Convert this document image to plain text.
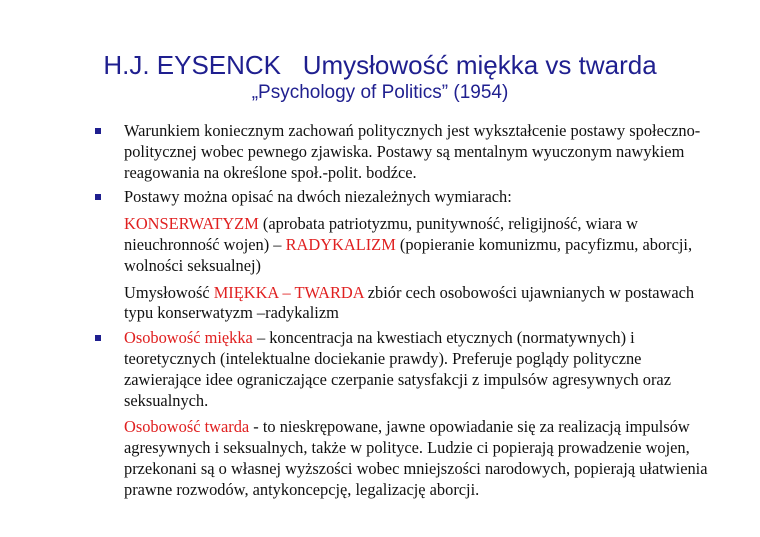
H.J. EYSENCK   Umysłowość miękka vs twarda
„Psychology of Politics” (1954)

Warunkiem koniecznym zachowań politycznych jest wykształcenie postawy społeczno-politycznej wobec pewnego zjawiska. Postawy są mentalnym wyuczonym nawykiem reagowania na określone społ.-polit. bodźce.

Postawy można opisać na dwóch niezależnych wymiarach:

KONSERWATYZM (aprobata patriotyzmu, punitywność, religijność, wiara w nieuchronność wojen) – RADYKALIZM (popieranie komunizmu, pacyfizmu, aborcji, wolności seksualnej)

Umysłowość MIĘKKA – TWARDA zbiór cech osobowości ujawnianych w postawach typu konserwatyzm –radykalizm

Osobowość miękka – koncentracja na kwestiach etycznych (normatywnych) i teoretycznych (intelektualne dociekanie prawdy). Preferuje poglądy polityczne zawierające idee ograniczające czerpanie satysfakcji z impulsów agresywnych oraz seksualnych.

Osobowość twarda - to nieskrępowane, jawne opowiadanie się za realizacją impulsów agresywnych i seksualnych, także w polityce. Ludzie ci popierają prowadzenie wojen, przekonani są o własnej wyższości wobec mniejszości narodowych, popierają ułatwienia prawne rozwodów, antykoncepcję, legalizację aborcji.
